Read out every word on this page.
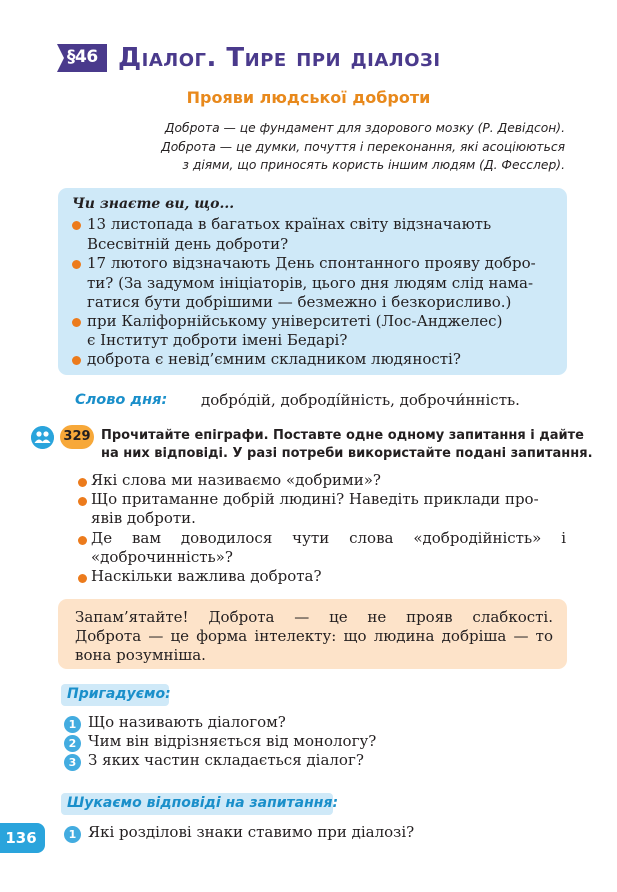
§46 Діалог. Тире при діалозі
Прояви людської доброти
Доброта — це фундамент для здорового мозку (Р. Девідсон).
Доброта — це думки, почуття і переконання, які асоціюються
з діями, що приносять користь іншим людям (Д. Фесслер).
Чи знаєте ви, що...
13 листопада в багатьох країнах світу відзначають
Всесвітній день доброти?
17 лютого відзначають День спонтанного прояву добро-
ти? (За задумом ініціаторів, цього дня людям слід нама-
гатися бути добрішими — безмежно і безкорисливо.)
при Каліфорнійському університеті (Лос-Анджелес)
є Інститут доброти імені Бедарі?
доброта є невід’ємним складником людяності?
Слово дня: добро́дій, добродíйність, доброчи́нність.
329 Прочитайте епіграфи. Поставте одне одному запитання і дайте
на них відповіді. У разі потреби використайте подані запитання.
Які слова ми називаємо «добрими»?
Що притаманне добрій людині? Наведіть приклади про-
явів доброти.
Де вам доводилося чути слова «добродійність» і
«доброчинність»?
Наскільки важлива доброта?
Запам’ятайте! Доброта — це не прояв слабкості.
Доброта — це форма інтелекту: що людина добріша — то
вона розумніша.
Пригадуємо:
1 Що називають діалогом?
2 Чим він відрізняється від монологу?
3 З яких частин складається діалог?
Шукаємо відповіді на запитання:
1 Які розділові знаки ставимо при діалозі?
136
